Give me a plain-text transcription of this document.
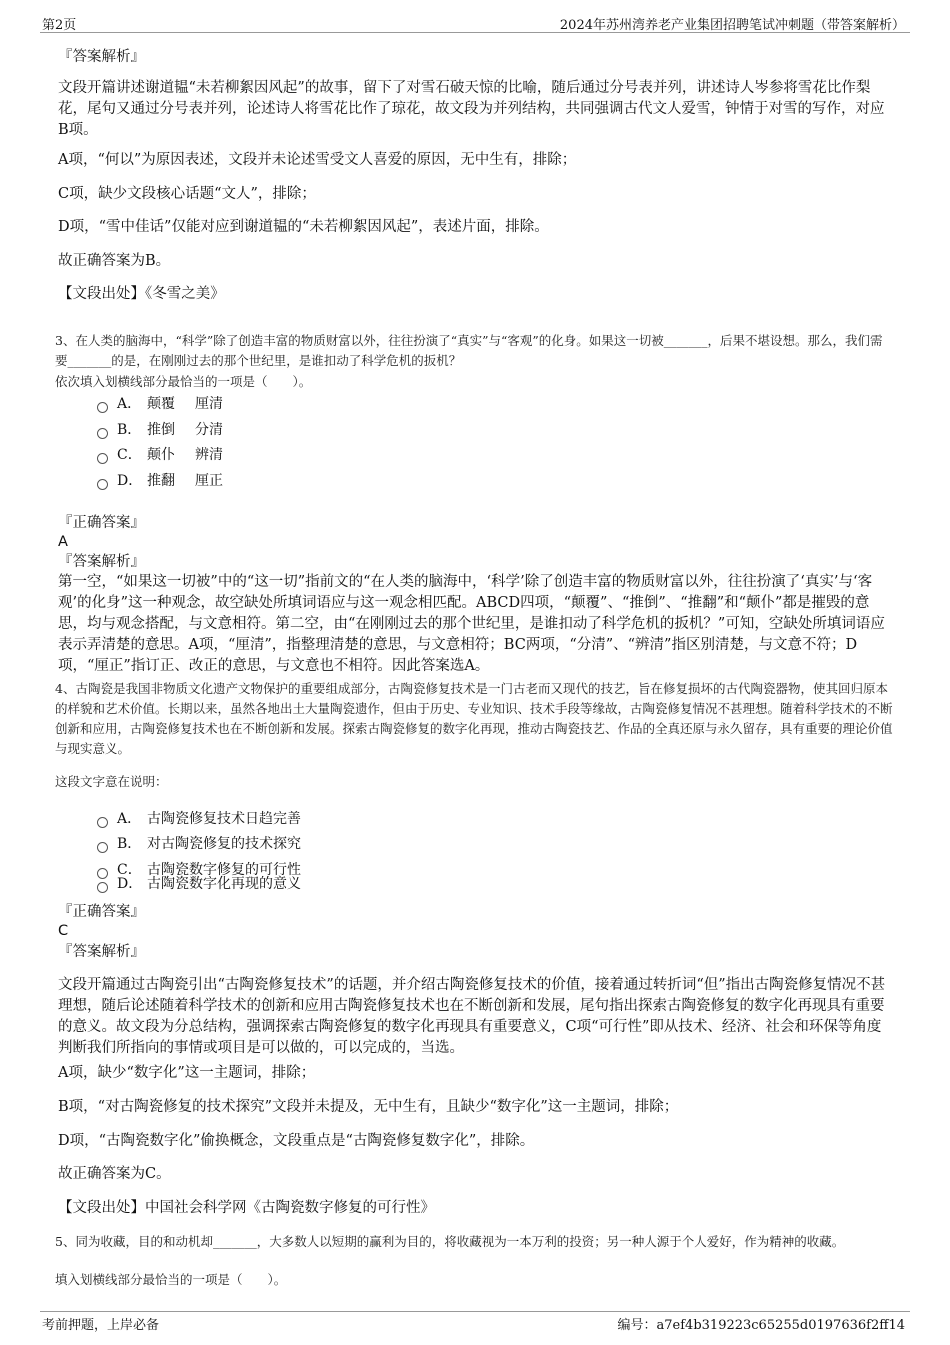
第2页	2024年苏州湾养老产业集团招聘笔试冲刺题（带答案解析）
『答案解析』
文段开篇讲述谢道韫“未若柳絮因风起”的故事，留下了对雪石破天惊的比喻，随后通过分号表并列，讲述诗人岑参将雪花比作梨花，尾句又通过分号表并列，论述诗人将雪花比作了琼花，故文段为并列结构，共同强调古代文人爱雪，钟情于对雪的写作，对应B项。
A项，“何以”为原因表述，文段并未论述雪受文人喜爱的原因，无中生有，排除；
C项，缺少文段核心话题“文人”，排除；
D项，“雪中佳话”仅能对应到谢道韫的“未若柳絮因风起”，表述片面，排除。
故正确答案为B。
【文段出处】《冬雪之美》
3、在人类的脑海中，“科学”除了创造丰富的物质财富以外，往往扮演了“真实”与“客观”的化身。如果这一切被_______，后果不堪设想。那么，我们需要_______的是，在刚刚过去的那个世纪里，是谁扣动了科学危机的扳机？
依次填入划横线部分最恰当的一项是（　　）。
A． 颠覆 厘清
B． 推倒 分清
C． 颠仆 辨清
D． 推翻 厘正
『正确答案』
A
『答案解析』
第一空，“如果这一切被”中的“这一切”指前文的“在人类的脑海中，‘科学’除了创造丰富的物质财富以外，往往扮演了‘真实’与‘客观’的化身”这一种观念，故空缺处所填词语应与这一观念相匹配。ABCD四项，“颠覆”、“推倒”、“推翻”和“颠仆”都是摧毁的意思，均与观念搭配，与文意相符。第二空，由“在刚刚过去的那个世纪里，是谁扣动了科学危机的扳机？”可知，空缺处所填词语应表示弄清楚的意思。A项，“厘清”，指整理清楚的意思，与文意相符；BC两项，“分清”、“辨清”指区别清楚，与文意不符；D项，“厘正”指订正、改正的意思，与文意也不相符。因此答案选A。
4、古陶瓷是我国非物质文化遗产文物保护的重要组成部分，古陶瓷修复技术是一门古老而又现代的技艺，旨在修复损坏的古代陶瓷器物，使其回归原本的样貌和艺术价值。长期以来，虽然各地出土大量陶瓷遗作，但由于历史、专业知识、技术手段等缘故，古陶瓷修复情况不甚理想。随着科学技术的不断创新和应用，古陶瓷修复技术也在不断创新和发展。探索古陶瓷修复的数字化再现，推动古陶瓷技艺、作品的全真还原与永久留存，具有重要的理论价值与现实意义。
这段文字意在说明：
A． 古陶瓷修复技术日趋完善
B． 对古陶瓷修复的技术探究
C． 古陶瓷数字修复的可行性
D． 古陶瓷数字化再现的意义
『正确答案』
C
『答案解析』
文段开篇通过古陶瓷引出“古陶瓷修复技术”的话题，并介绍古陶瓷修复技术的价值，接着通过转折词“但”指出古陶瓷修复情况不甚理想，随后论述随着科学技术的创新和应用古陶瓷修复技术也在不断创新和发展，尾句指出探索古陶瓷修复的数字化再现具有重要的意义。故文段为分总结构，强调探索古陶瓷修复的数字化再现具有重要意义，C项“可行性”即从技术、经济、社会和环保等角度判断我们所指向的事情或项目是可以做的，可以完成的，当选。
A项，缺少“数字化”这一主题词，排除；
B项，“对古陶瓷修复的技术探究”文段并未提及，无中生有，且缺少“数字化”这一主题词，排除；
D项，“古陶瓷数字化”偷换概念，文段重点是“古陶瓷修复数字化”，排除。
故正确答案为C。
【文段出处】中国社会科学网《古陶瓷数字修复的可行性》
5、同为收藏，目的和动机却_______，大多数人以短期的赢利为目的，将收藏视为一本万利的投资；另一种人源于个人爱好，作为精神的收藏。
填入划横线部分最恰当的一项是（　　）。
考前押题，上岸必备	编号：a7ef4b319223c65255d0197636f2ff14
